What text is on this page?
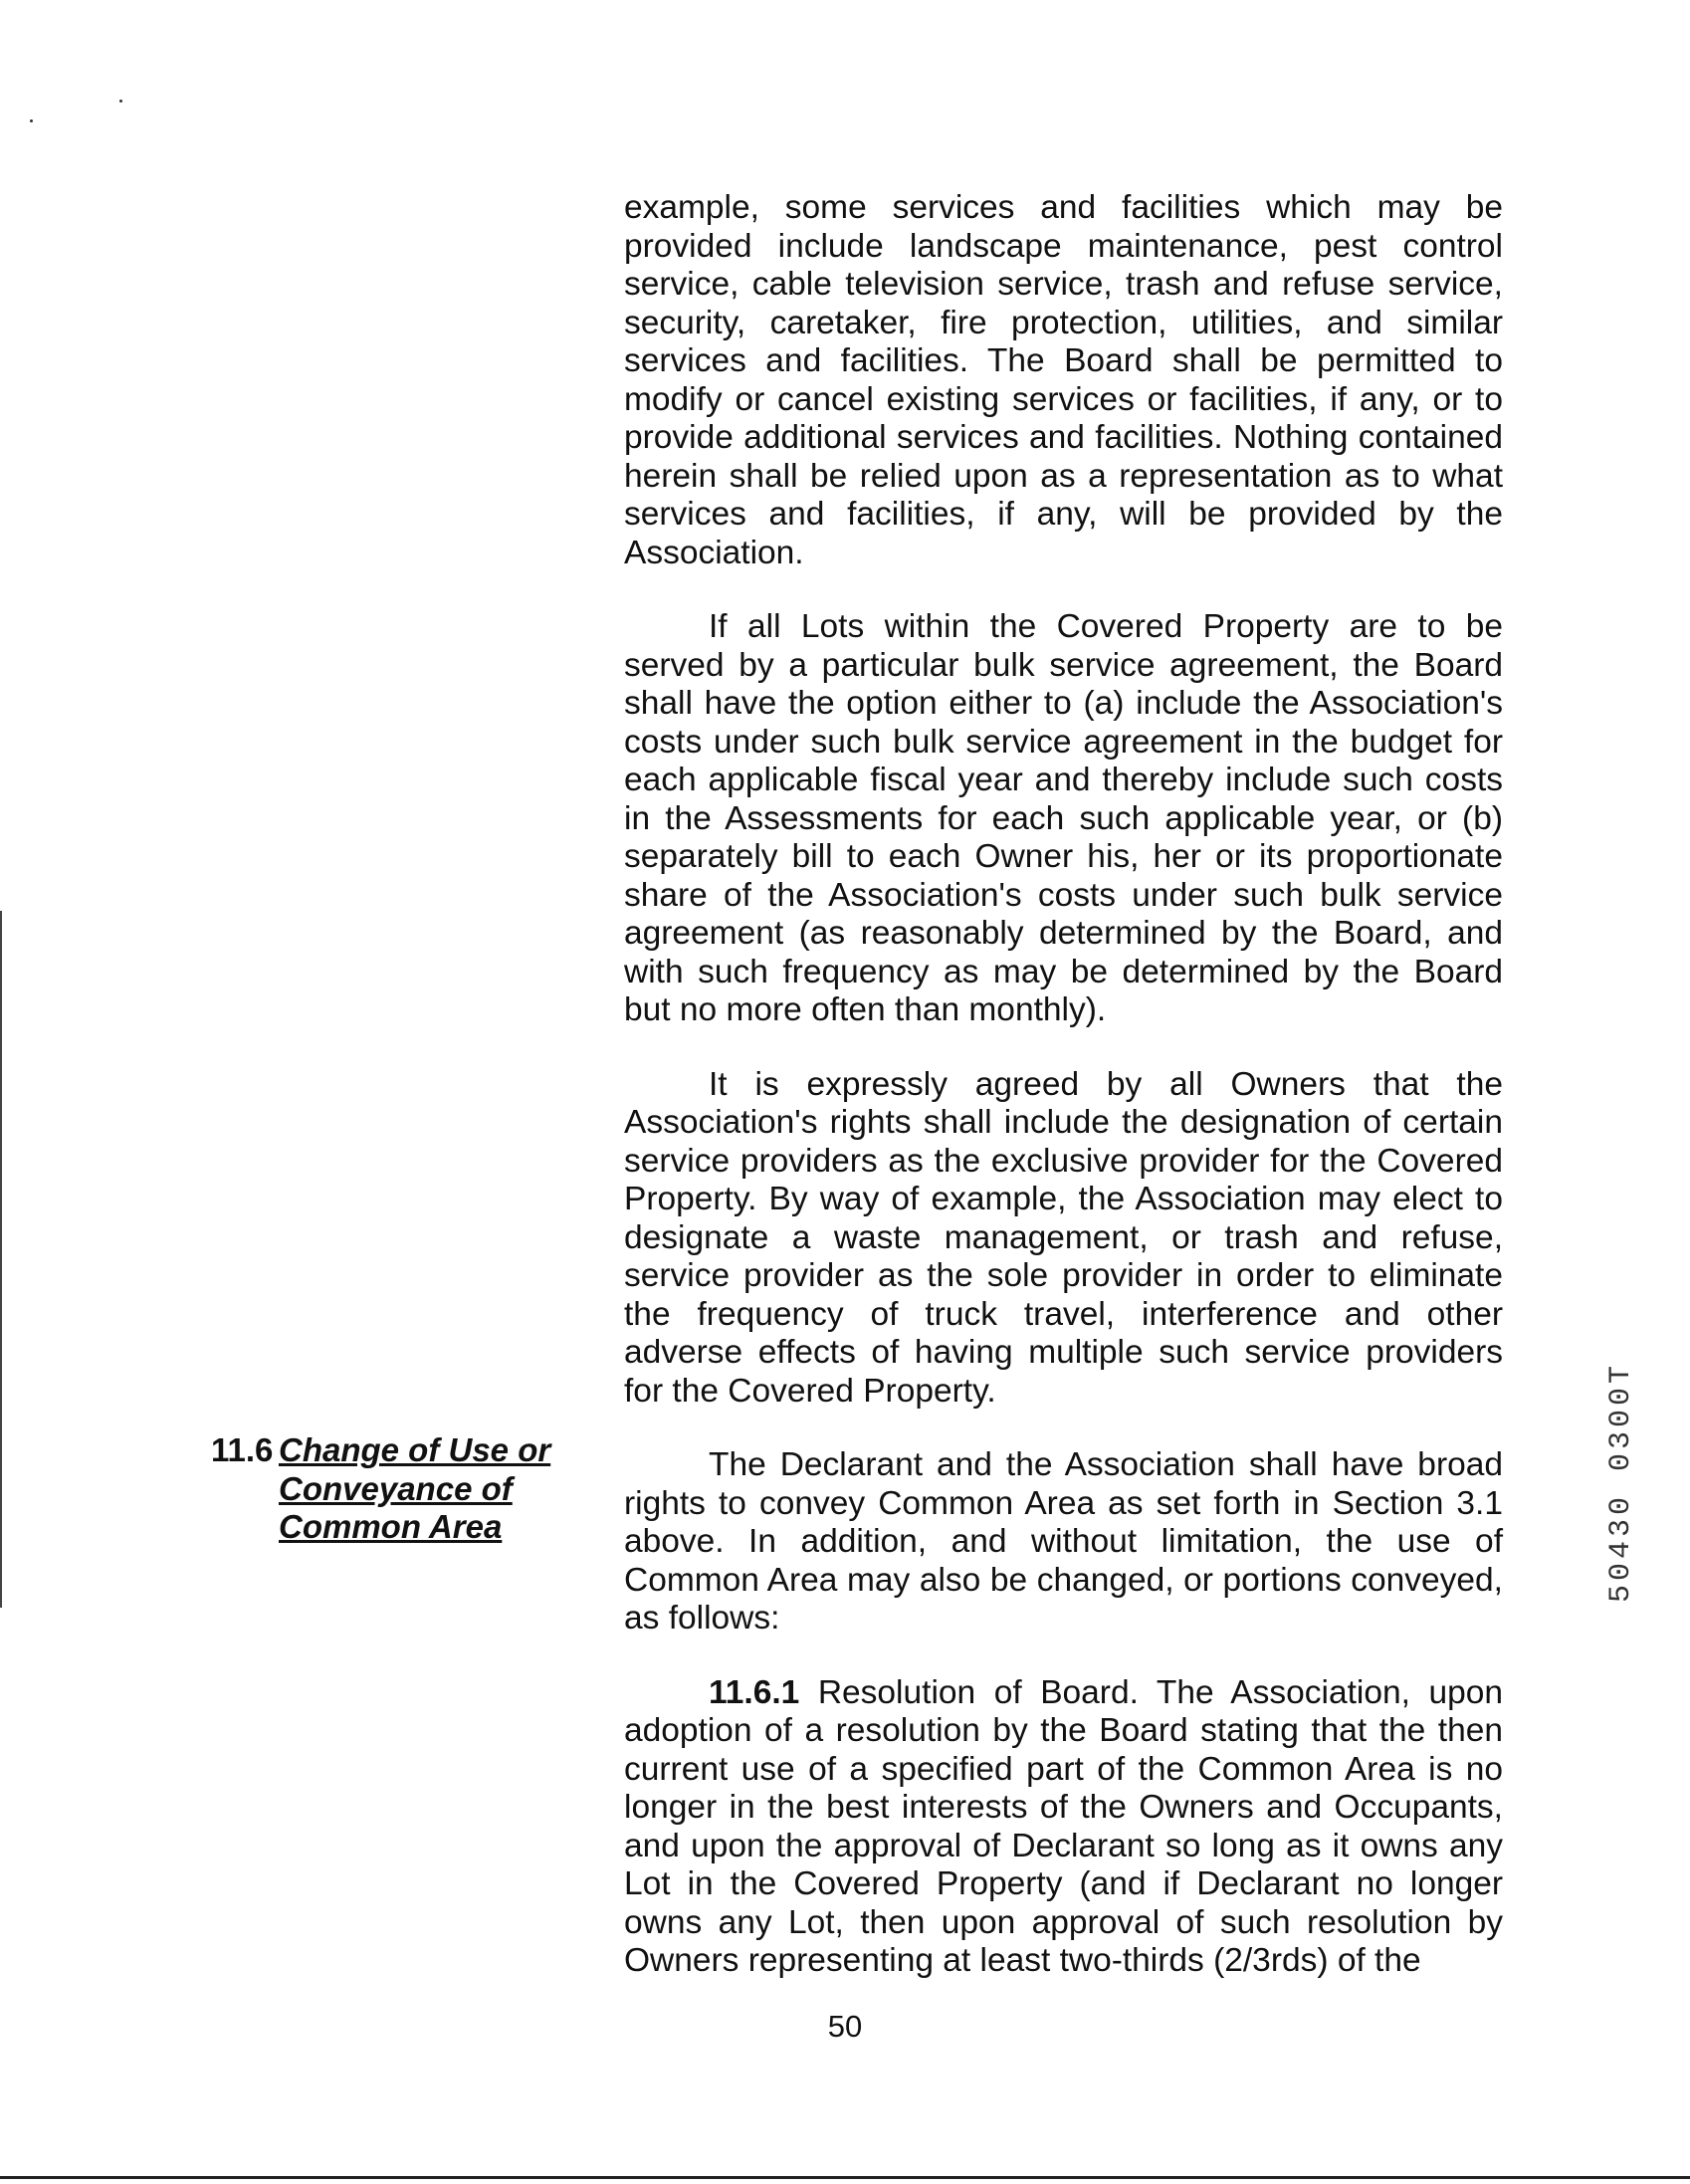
11.6 Change of Use or
Conveyance of
Common Area

example, some services and facilities which may be provided include landscape maintenance, pest control service, cable television service, trash and refuse service, security, caretaker, fire protection, utilities, and similar services and facilities. The Board shall be permitted to modify or cancel existing services or facilities, if any, or to provide additional services and facilities. Nothing contained herein shall be relied upon as a representation as to what services and facilities, if any, will be provided by the Association.

If all Lots within the Covered Property are to be served by a particular bulk service agreement, the Board shall have the option either to (a) include the Association's costs under such bulk service agreement in the budget for each applicable fiscal year and thereby include such costs in the Assessments for each such applicable year, or (b) separately bill to each Owner his, her or its proportionate share of the Association's costs under such bulk service agreement (as reasonably determined by the Board, and with such frequency as may be determined by the Board but no more often than monthly).

It is expressly agreed by all Owners that the Association's rights shall include the designation of certain service providers as the exclusive provider for the Covered Property. By way of example, the Association may elect to designate a waste management, or trash and refuse, service provider as the sole provider in order to eliminate the frequency of truck travel, interference and other adverse effects of having multiple such service providers for the Covered Property.

The Declarant and the Association shall have broad rights to convey Common Area as set forth in Section 3.1 above. In addition, and without limitation, the use of Common Area may also be changed, or portions conveyed, as follows:

11.6.1 Resolution of Board. The Association, upon adoption of a resolution by the Board stating that the then current use of a specified part of the Common Area is no longer in the best interests of the Owners and Occupants, and upon the approval of Declarant so long as it owns any Lot in the Covered Property (and if Declarant no longer owns any Lot, then upon approval of such resolution by Owners representing at least two-thirds (2/3rds) of the

50
50430 0300T
